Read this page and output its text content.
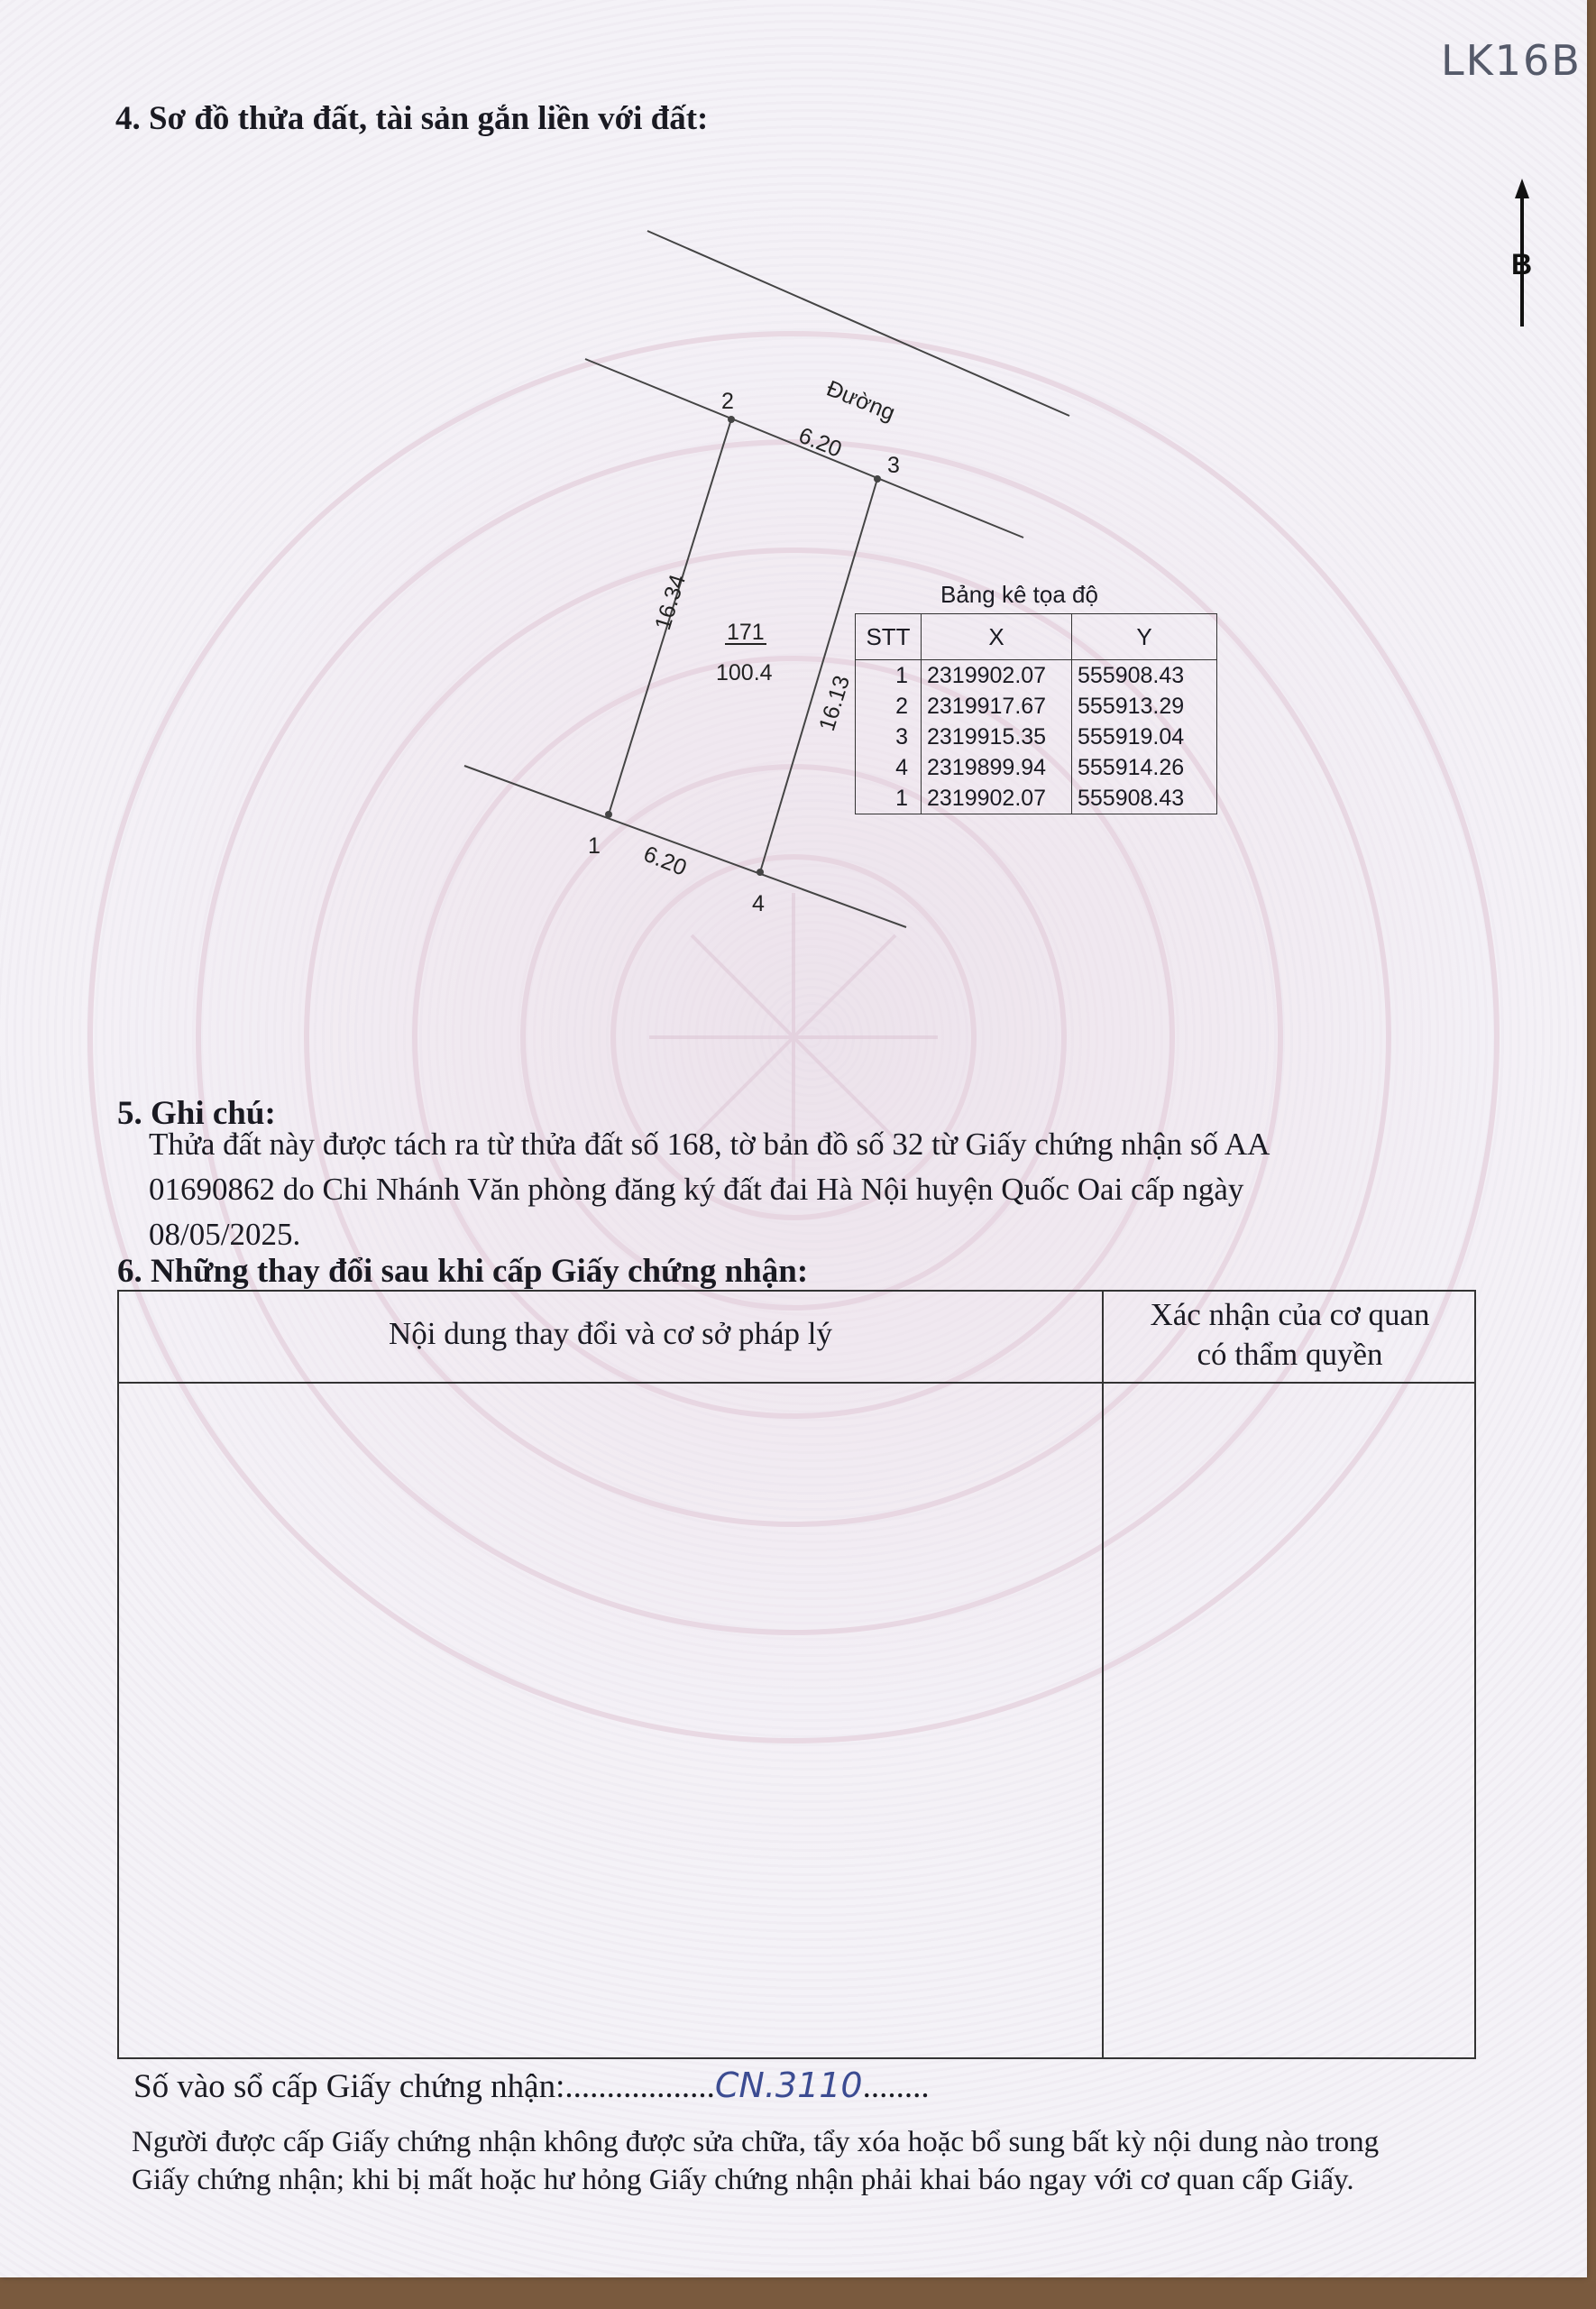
LK16B
4. Sơ đồ thửa đất, tài sản gắn liền với đất:
2
3
1
4
Đường
6.20
6.20
16.34
16.13
171
100.4
B
Bảng kê tọa độ
STT	X	Y
1	2319902.07	555908.43
2	2319917.67	555913.29
3	2319915.35	555919.04
4	2319899.94	555914.26
1	2319902.07	555908.43
5. Ghi chú:
Thửa đất này được tách ra từ thửa đất số 168, tờ bản đồ số 32 từ Giấy chứng nhận số AA
01690862 do Chi Nhánh Văn phòng đăng ký đất đai Hà Nội huyện Quốc Oai cấp ngày
08/05/2025.
6. Những thay đổi sau khi cấp Giấy chứng nhận:
Nội dung thay đổi và cơ sở pháp lý
Xác nhận của cơ quan
có thẩm quyền
Số vào sổ cấp Giấy chứng nhận:..................CN.3110........
Người được cấp Giấy chứng nhận không được sửa chữa, tẩy xóa hoặc bổ sung bất kỳ nội dung nào trong
Giấy chứng nhận; khi bị mất hoặc hư hỏng Giấy chứng nhận phải khai báo ngay với cơ quan cấp Giấy.
